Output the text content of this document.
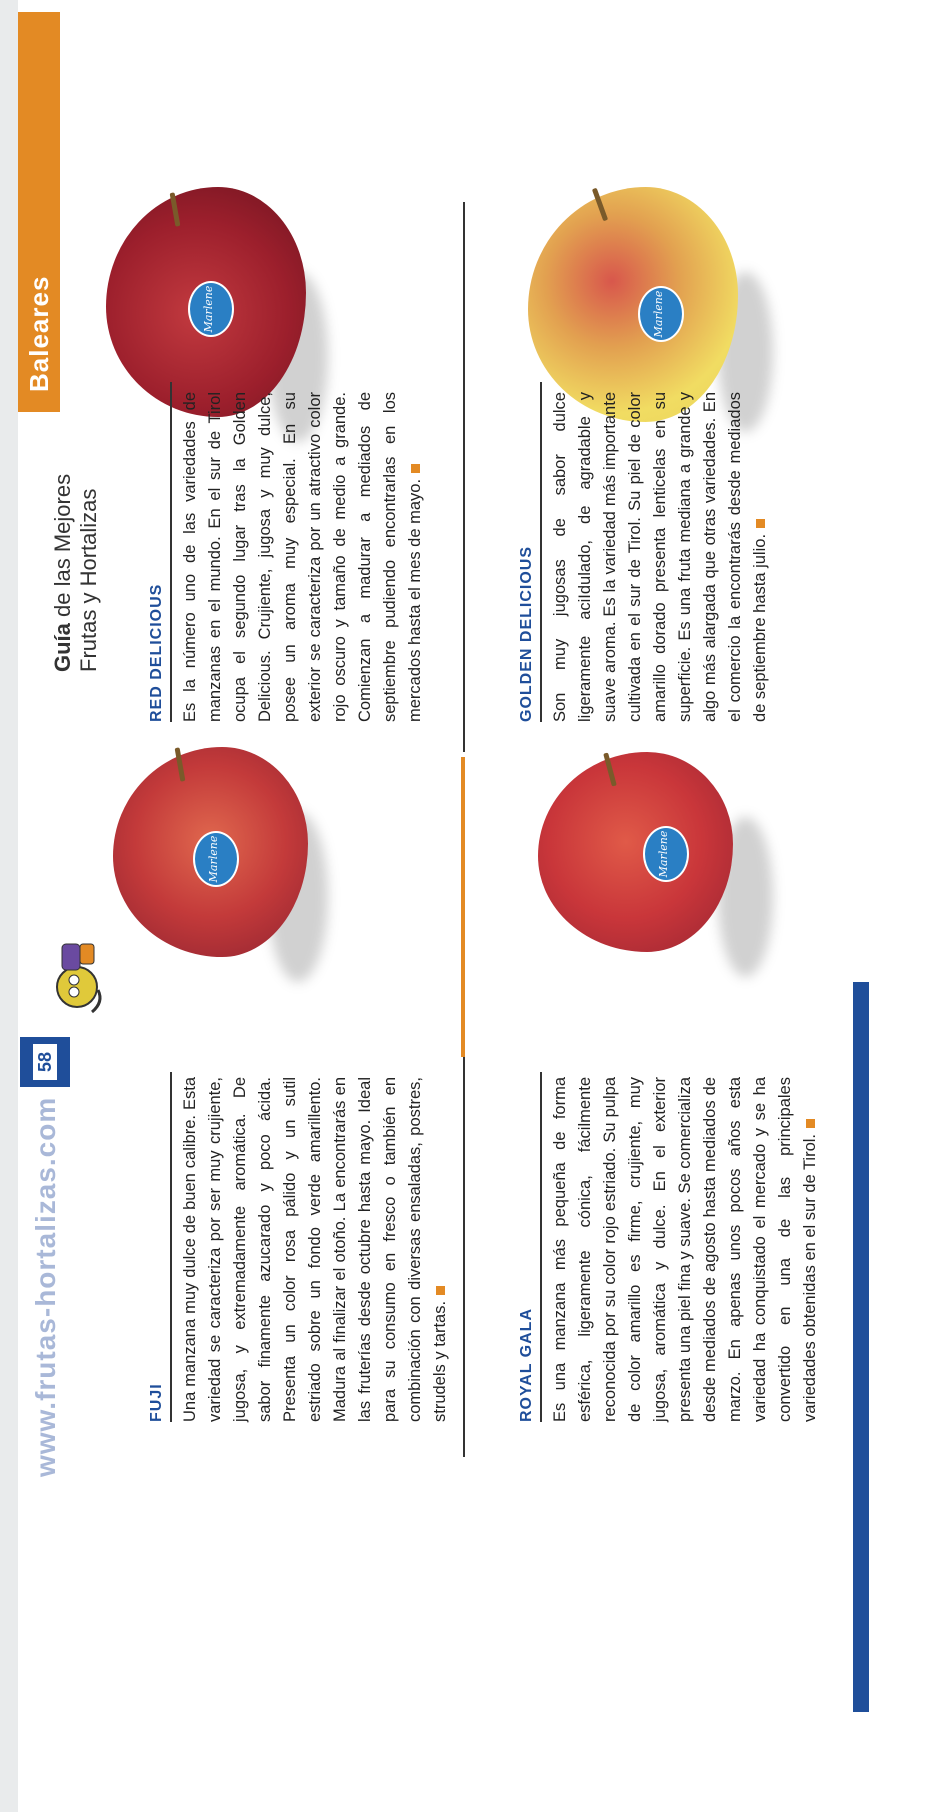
Baleares
Guía de las Mejores
Frutas y Hortalizas
58
www.frutas-hortalizas.com
Marlene
RED DELICIOUS Es la número uno de las variedades de manzanas en el mundo. En el sur de Tirol ocupa el segundo lugar tras la Golden Delicious. Crujiente, jugosa y muy dulce, posee un aroma muy especial. En su exterior se caracteriza por un atractivo color rojo oscuro y tamaño de medio a grande. Comienzan a madurar a mediados de septiembre pudiendo encontrarlas en los mercados hasta el mes de mayo.
Marlene
FUJI Una manzana muy dulce de buen calibre. Esta variedad se caracteriza por ser muy crujiente, jugosa, y extremadamente aromática. De sabor finamente azucarado y poco ácida. Presenta un color rosa pálido y un sutil estriado sobre un fondo verde amarillento. Madura al finalizar el otoño. La encontrarás en las fruterías desde octubre hasta mayo. Ideal para su consumo en fresco o también en combinación con diversas ensaladas, postres, strudels y tartas.
Marlene
GOLDEN DELICIOUS Son muy jugosas de sabor dulce ligeramente aciIdulado, de agradable y suave aroma. Es la variedad más importante cultivada en el sur de Tirol. Su piel de color amarillo dorado presenta lenticelas en su superficie. Es una fruta mediana a grande y algo más alargada que otras variedades. En el comercio la encontrarás desde mediados de septiembre hasta julio.
Marlene
ROYAL GALA Es una manzana más pequeña de forma esférica, ligeramente cónica, fácilmente reconocida por su color rojo estriado. Su pulpa de color amarillo es firme, crujiente, muy jugosa, aromática y dulce. En el exterior presenta una piel fina y suave. Se comercializa desde mediados de agosto hasta mediados de marzo. En apenas unos pocos años esta variedad ha conquistado el mercado y se ha convertido en una de las principales variedades obtenidas en el sur de Tirol.
